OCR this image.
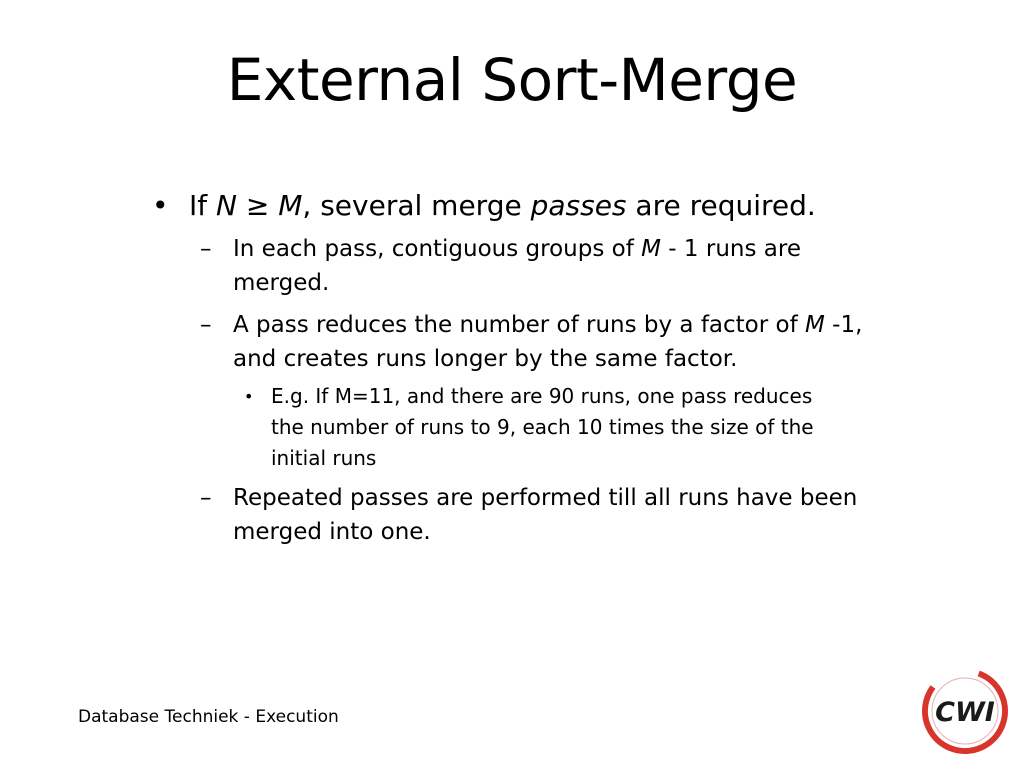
External Sort-Merge
• If N ≥ M, several merge passes are required.
– In each pass, contiguous groups of M - 1 runs are
merged.
– A pass reduces the number of runs by a factor of M -1,
and creates runs longer by the same factor.
• E.g. If M=11, and there are 90 runs, one pass reduces
the number of runs to 9, each 10 times the size of the
initial runs
– Repeated passes are performed till all runs have been
merged into one.
Database Techniek - Execution	CWI
